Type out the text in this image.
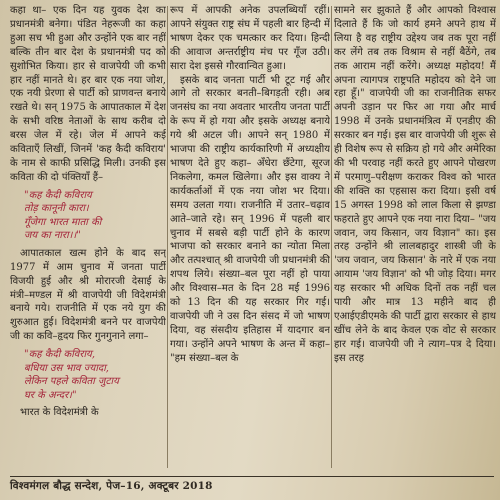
कहा था– एक दिन यह युवक देश का प्रधानमंत्री बनेगा। पंडित नेहरूजी का कहा हुआ सच भी हुआ और उन्होंने एक बार नहीं बल्कि तीन बार देश के प्रधानमंत्री पद को सुशोभित किया। हार से वाजपेयी जी कभी हार नहीं मानते थे। हर बार एक नया जोश, एक नयी प्रेरणा से पार्टी को प्राणवन्त बनाये रखते थे। सन् 1975 के आपातकाल में देश के सभी वरिष्ठ नेताओं के साथ करीब दो बरस जेल में रहे। जेल में आपने कई कविताएँ लिखीं, जिनमें 'कह कैदी कविराय' के नाम से काफी प्रसिद्धि मिली। उनकी इस कविता की दो पंक्तियाँ हैं–

"कह कैदी कविराय
तोड़ कानूनी कारा।
गूँजेगा भारत माता की
जय का नारा।।"

आपातकाल खत्म होने के बाद सन् 1977 में आम चुनाव में जनता पार्टी विजयी हुई और श्री मोरारजी देसाई के मंत्री–मण्डल में श्री वाजपेयी जी विदेशमंत्री बनाये गये। राजनीति में एक नये युग की शुरुआत हुई। विदेशमंत्री बनने पर वाजपेयी जी का कवि–हृदय फिर गुनगुनाने लगा–

"कह कैदी कविराय,
बधिया उस भाव ज्यादा,
लेकिन पहले कविता जुटाय
घर के अन्दर।"

भारत के विदेशमंत्री के

रूप में आपकी अनेक उपलब्धियाँ रहीं। आपने संयुक्त राष्ट्र संघ में पहली बार हिन्दी में भाषण देकर एक चमत्कार कर दिया। हिन्दी की आवाज अन्तर्राष्ट्रीय मंच पर गूँज उठी। सारा देश इससे गौरवान्वित हुआ।

इसके बाद जनता पार्टी भी टूट गई और आगे तो सरकार बनती–बिगड़ती रही। अब जनसंघ का नया अवतार भारतीय जनता पार्टी के रूप में हो गया और इसके अध्यक्ष बनाये गये श्री अटल जी। आपने सन् 1980 में भाजपा की राष्ट्रीय कार्यकारिणी में अध्यक्षीय भाषण देते हुए कहा– अँधेरा छँटेगा, सूरज निकलेगा, कमल खिलेगा। और इस वाक्य ने कार्यकर्ताओं में एक नया जोश भर दिया। समय उलता गया। राजनीति में उतार–चढ़ाव आते–जाते रहे। सन् 1996 में पहली बार चुनाव में सबसे बड़ी पार्टी होने के कारण भाजपा को सरकार बनाने का न्योता मिला और तत्पश्चात् श्री वाजपेयी जी प्रधानमंत्री की शपथ लिये। संख्या–बल पूरा नहीं हो पाया और विश्वास–मत के दिन 28 मई 1996 को 13 दिन की यह सरकार गिर गई। वाजपेयी जी ने उस दिन संसद में जो भाषण दिया, वह संसदीय इतिहास में यादगार बन गया। उन्होंने अपने भाषण के अन्त में कहा– "हम संख्या–बल के

सामने सर झुकाते हैं और आपको विश्वास दिलाते हैं कि जो कार्य हमने अपने हाथ में लिया है वह राष्ट्रीय उद्देश्य जब तक पूरा नहीं कर लेंगे तब तक विश्राम से नहीं बैठेंगे, तब तक आराम नहीं करेंगे। अध्यक्ष महोदय! मैं अपना त्यागपत्र राष्ट्रपति महोदय को देने जा रहा हूँ।" वाजपेयी जी का राजनीतिक सफर अपनी उड़ान पर फिर आ गया और मार्च 1998 में उनके प्रधानमंत्रित्व में एनडीए की सरकार बन गई। इस बार वाजपेयी जी शुरू से ही विशेष रूप से सक्रिय हो गये और अमेरिका की भी परवाह नहीं करते हुए आपने पोखरण में परमाणु–परीक्षण कराकर विश्व को भारत की शक्ति का एहसास करा दिया। इसी वर्ष 15 अगस्त 1998 को लाल किला से झण्डा फहराते हुए आपने एक नया नारा दिया– "जय जवान, जय किसान, जय विज्ञान" का। इस तरह उन्होंने श्री लालबहादुर शास्त्री जी के 'जय जवान, जय किसान' के नारे में एक नया आयाम 'जय विज्ञान' को भी जोड़ दिया। मगर यह सरकार भी अधिक दिनों तक नहीं चल पायी और मात्र 13 महीने बाद ही एआईएडीएमके की पार्टी द्वारा सरकार से हाथ खींच लेने के बाद केवल एक वोट से सरकार हार गई। वाजपेयी जी ने त्याग–पत्र दे दिया। इस तरह

विश्वमंगल बौद्ध सन्देश, पेज–16, अक्टूबर 2018
